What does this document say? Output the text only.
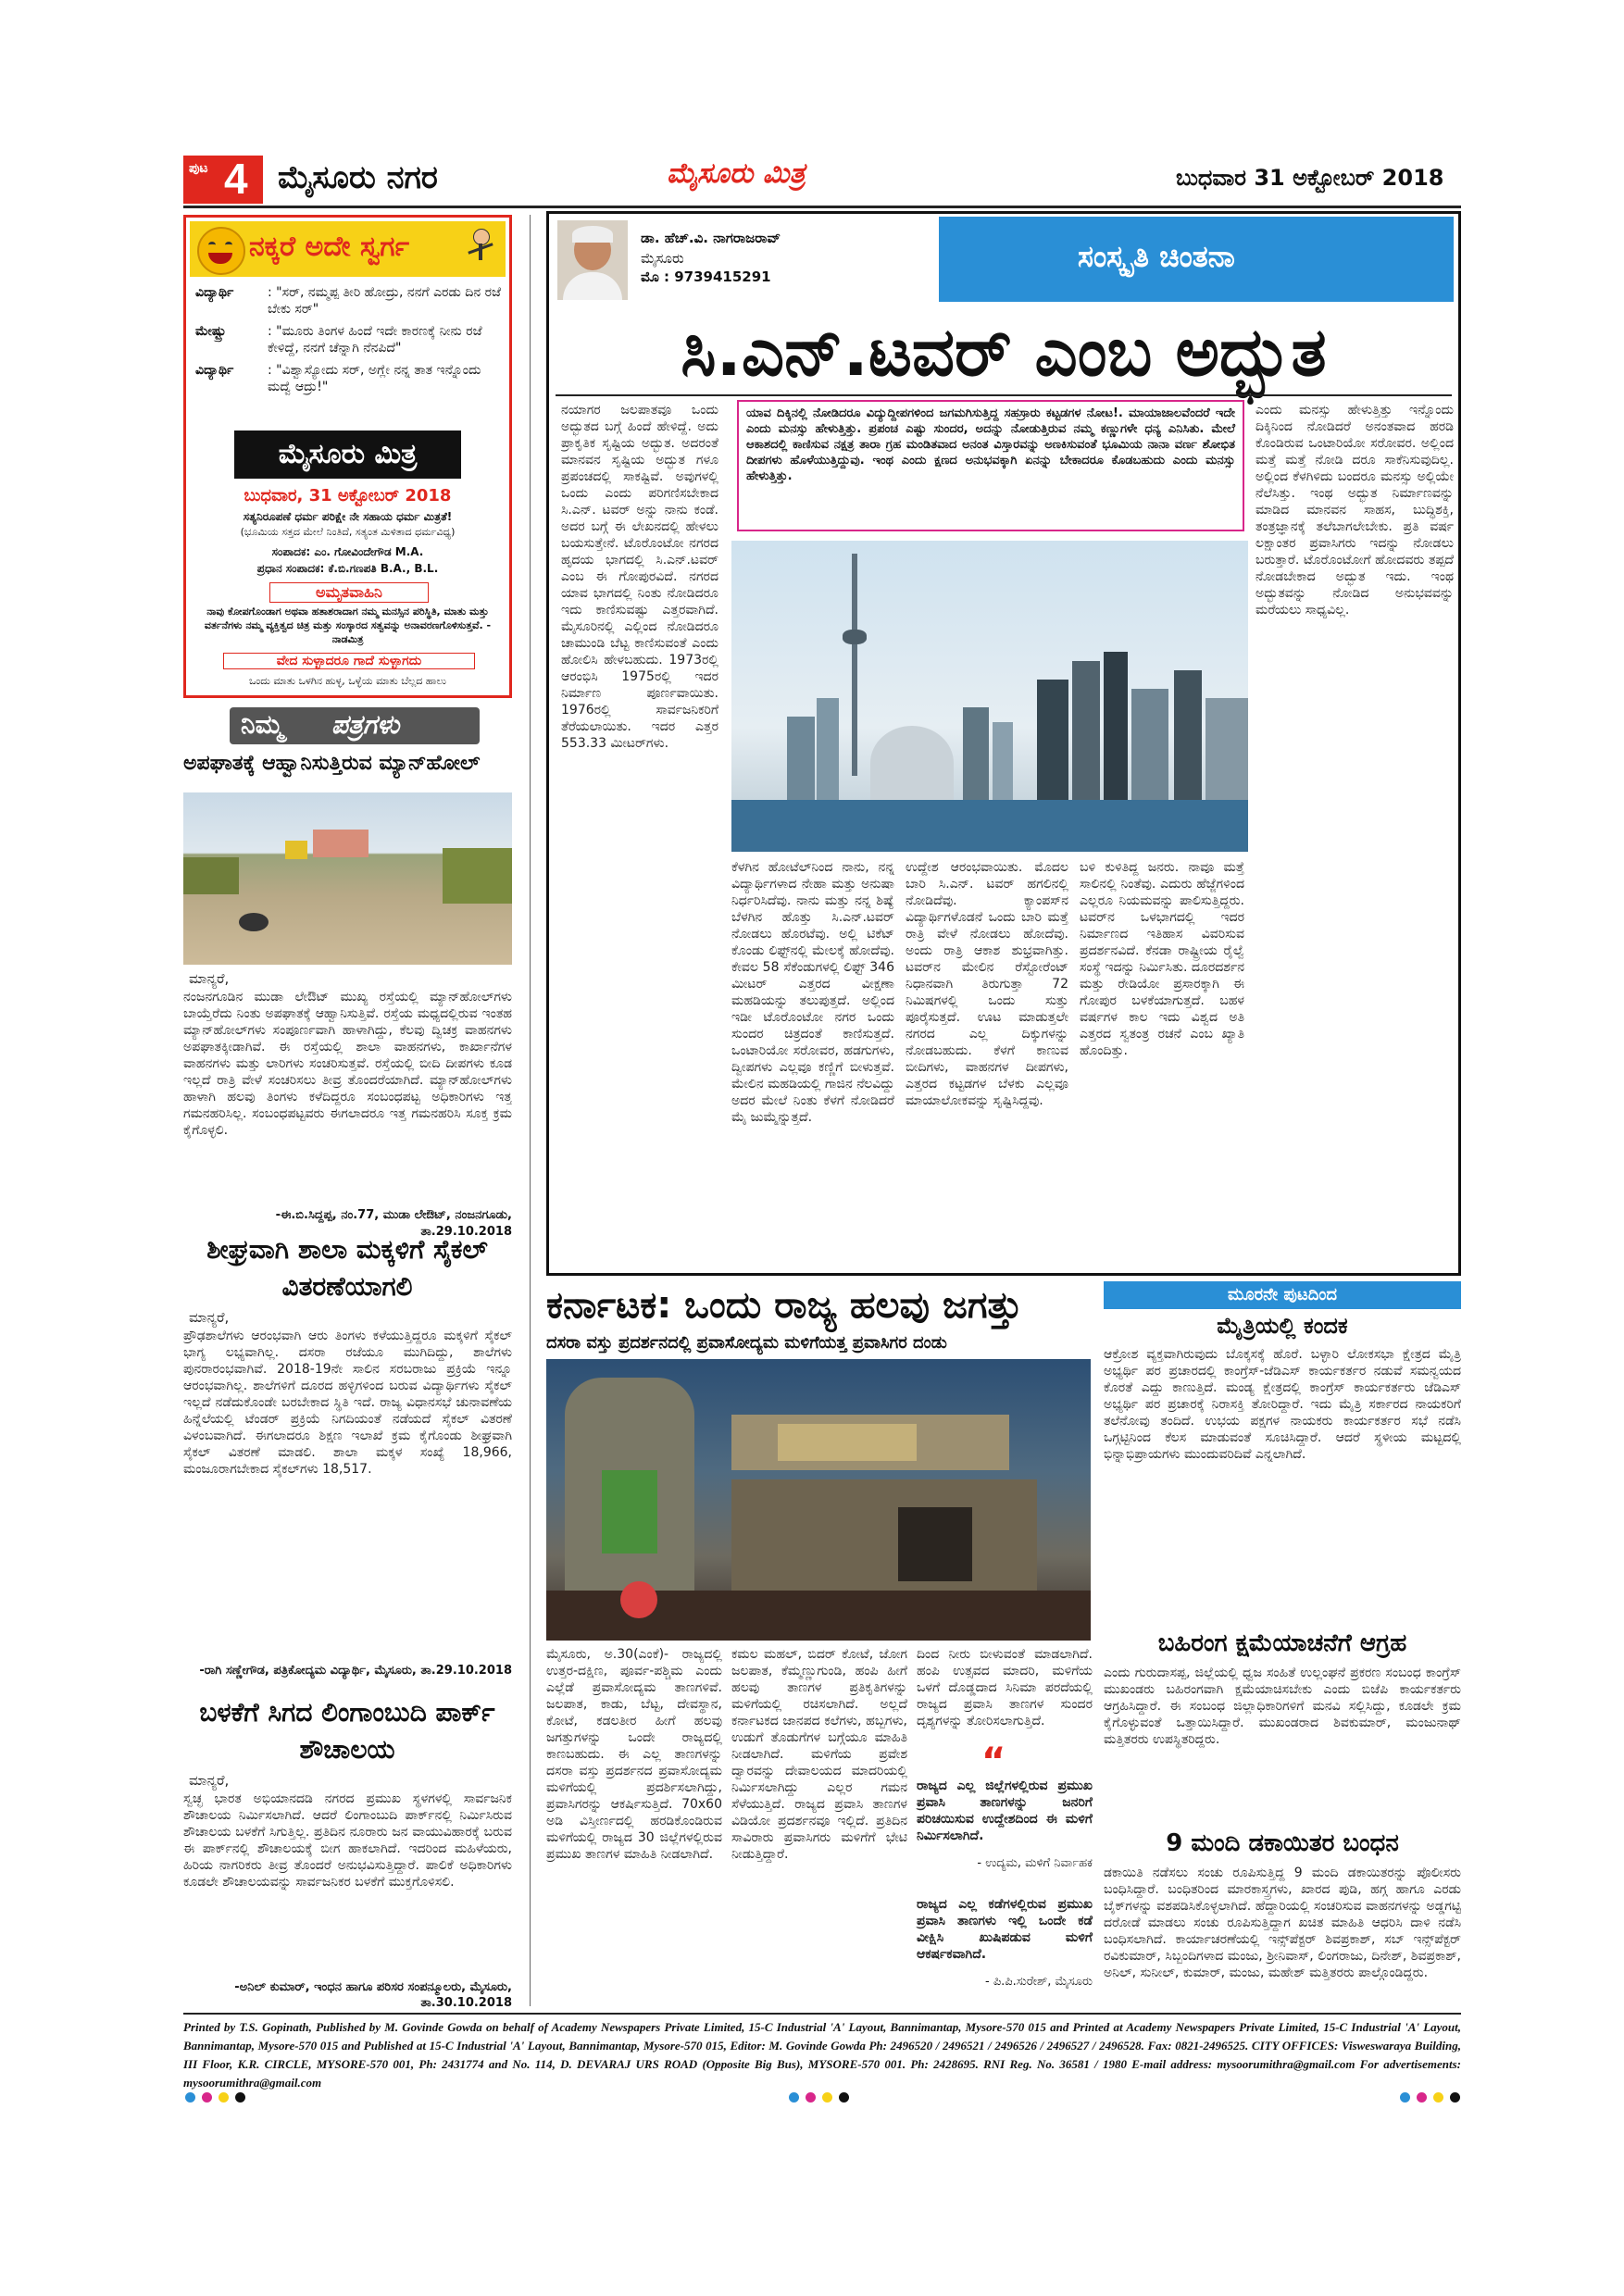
ಪುಟ 4 ಮೈಸೂರು ನಗರ	ಮೈಸೂರು ಮಿತ್ರ	ಬುಧವಾರ 31 ಅಕ್ಟೋಬರ್ 2018
ನಕ್ಕರೆ ಅದೇ ಸ್ವರ್ಗ
ವಿದ್ಯಾರ್ಥಿ	: "ಸರ್, ನಮ್ಮಪ್ಪ ತೀರಿ ಹೋದ್ರು, ನನಗೆ ಎರಡು ದಿನ ರಜೆ ಬೇಕು ಸರ್"
ಮೇಷ್ಟ್ರು	: "ಮೂರು ತಿಂಗಳ ಹಿಂದೆ ಇದೇ ಕಾರಣಕ್ಕೆ ನೀನು ರಜೆ ಕೇಳಿದ್ದೆ, ನನಗೆ ಚೆನ್ನಾಗಿ ನೆನಪಿದೆ"
ವಿದ್ಯಾರ್ಥಿ	: "ವಿಶ್ವಾಸ್ಯೋದು ಸರ್, ಅಗ್ಲೇ ನನ್ನ ತಾತ ಇನ್ನೊಂದು ಮದ್ವೆ ಆದ್ರು!"
ಮೈಸೂರು ಮಿತ್ರ
ಬುಧವಾರ, 31 ಅಕ್ಟೋಬರ್ 2018
ಸತ್ಯನಿರೂಪಣೆ ಧರ್ಮ ಪರಿಕ್ಷೇ ನೇ ಸಹಾಯ ಧರ್ಮ ಮಿತ್ರತೆ!
(ಭೂಮಿಯ ಸತ್ತದ ಮೇಲೆ ನಿಂತಿದೆ, ಸತ್ಯಂತ ಮಿಳಿತಾದ ಧರ್ಮವಿಧ್ಯ)
ಸಂಪಾದಕ: ಎಂ. ಗೋವಿಂದೇಗೌಡ M.A.
ಪ್ರಧಾನ ಸಂಪಾದಕ: ಕೆ.ಬಿ.ಗಣಪತಿ B.A., B.L.
ಅಮೃತವಾಹಿನಿ
ನಾವು ಕೋಪಗೊಂಡಾಗ ಅಥವಾ ಹತಾಶರಾದಾಗ ನಮ್ಮ ಮನಸ್ಸಿನ ಪರಿಸ್ಥಿತಿ, ಮಾತು ಮತ್ತು ವರ್ತನೆಗಳು ನಮ್ಮ ವ್ಯಕ್ತಿತ್ವದ ಚಿತ್ರ ಮತ್ತು ಸಂಸ್ಕಾರದ ಸತ್ವವನ್ನು ಅನಾವರಣಗೊಳಿಸುತ್ತವೆ. - ನಾಡಮಿತ್ರ
ವೇದ ಸುಳ್ಳಾದರೂ ಗಾದೆ ಸುಳ್ಳಾಗದು
ಒಂದು ಮಾತು ಒಳಗಿನ ಹುಳ್ಳ, ಒಳ್ಳೆಯ ಮಾತು ಬೆಲ್ಲದ ಹಾಲು
ನಿಮ್ಮ ಪತ್ರಗಳು
ಅಪಘಾತಕ್ಕೆ ಆಹ್ವಾನಿಸುತ್ತಿರುವ ಮ್ಯಾನ್‌ಹೋಲ್
ಮಾನ್ಯರೆ,
ನಂಜನಗೂಡಿನ ಮುಡಾ ಲೇಔಟ್ ಮುಖ್ಯ ರಸ್ತೆಯಲ್ಲಿ ಮ್ಯಾನ್‌ಹೋಲ್‌ಗಳು ಬಾಯ್ತೆರೆದು ನಿಂತು ಅಪಘಾತಕ್ಕೆ ಆಹ್ವಾನಿಸುತ್ತಿವೆ. ರಸ್ತೆಯ ಮಧ್ಯದಲ್ಲಿರುವ ಇಂತಹ ಮ್ಯಾನ್‌ಹೋಲ್‌ಗಳು ಸಂಪೂರ್ಣವಾಗಿ ಹಾಳಾಗಿದ್ದು, ಕೆಲವು ದ್ವಿಚಕ್ರ ವಾಹನಗಳು ಅಪಘಾತಕ್ಕೀಡಾಗಿವೆ. ಈ ರಸ್ತೆಯಲ್ಲಿ ಶಾಲಾ ವಾಹನಗಳು, ಕಾರ್ಖಾನೆಗಳ ವಾಹನಗಳು ಮತ್ತು ಲಾರಿಗಳು ಸಂಚರಿಸುತ್ತವೆ. ರಸ್ತೆಯಲ್ಲಿ ಬೀದಿ ದೀಪಗಳು ಕೂಡ ಇಲ್ಲದೆ ರಾತ್ರಿ ವೇಳೆ ಸಂಚರಿಸಲು ತೀವ್ರ ತೊಂದರೆಯಾಗಿದೆ. ಮ್ಯಾನ್‌ಹೋಲ್‌ಗಳು ಹಾಳಾಗಿ ಹಲವು ತಿಂಗಳು ಕಳೆದಿದ್ದರೂ ಸಂಬಂಧಪಟ್ಟ ಅಧಿಕಾರಿಗಳು ಇತ್ತ ಗಮನಹರಿಸಿಲ್ಲ. ಸಂಬಂಧಪಟ್ಟವರು ಈಗಲಾದರೂ ಇತ್ತ ಗಮನಹರಿಸಿ ಸೂಕ್ತ ಕ್ರಮ ಕೈಗೊಳ್ಳಲಿ.
-ಈ.ಬಿ.ಸಿದ್ದಪ್ಪ, ನಂ.77, ಮುಡಾ ಲೇಔಟ್, ನಂಜನಗೂಡು, ತಾ.29.10.2018
ಶೀಘ್ರವಾಗಿ ಶಾಲಾ ಮಕ್ಕಳಿಗೆ ಸೈಕಲ್ ವಿತರಣೆಯಾಗಲಿ
ಮಾನ್ಯರೆ,
ಪ್ರೌಢಶಾಲೆಗಳು ಆರಂಭವಾಗಿ ಆರು ತಿಂಗಳು ಕಳೆಯುತ್ತಿದ್ದರೂ ಮಕ್ಕಳಿಗೆ ಸೈಕಲ್ ಭಾಗ್ಯ ಲಭ್ಯವಾಗಿಲ್ಲ. ದಸರಾ ರಜೆಯೂ ಮುಗಿದಿದ್ದು, ಶಾಲೆಗಳು ಪುನರಾರಂಭವಾಗಿವೆ. 2018-19ನೇ ಸಾಲಿನ ಸರಬರಾಜು ಪ್ರಕ್ರಿಯೆ ಇನ್ನೂ ಆರಂಭವಾಗಿಲ್ಲ. ಶಾಲೆಗಳಿಗೆ ದೂರದ ಹಳ್ಳಿಗಳಿಂದ ಬರುವ ವಿದ್ಯಾರ್ಥಿಗಳು ಸೈಕಲ್ ಇಲ್ಲದೆ ನಡೆದುಕೊಂಡೇ ಬರಬೇಕಾದ ಸ್ಥಿತಿ ಇದೆ. ರಾಜ್ಯ ವಿಧಾನಸಭೆ ಚುನಾವಣೆಯ ಹಿನ್ನೆಲೆಯಲ್ಲಿ ಟೆಂಡರ್ ಪ್ರಕ್ರಿಯೆ ನಿಗದಿಯಂತೆ ನಡೆಯದೆ ಸೈಕಲ್ ವಿತರಣೆ ವಿಳಂಬವಾಗಿದೆ. ಈಗಲಾದರೂ ಶಿಕ್ಷಣ ಇಲಾಖೆ ಕ್ರಮ ಕೈಗೊಂಡು ಶೀಘ್ರವಾಗಿ ಸೈಕಲ್ ವಿತರಣೆ ಮಾಡಲಿ. ಶಾಲಾ ಮಕ್ಕಳ ಸಂಖ್ಯೆ 18,966, ಮಂಜೂರಾಗಬೇಕಾದ ಸೈಕಲ್‌ಗಳು 18,517.
-ರಾಗಿ ಸಣ್ಣೇಗೌಡ, ಪತ್ರಿಕೋದ್ಯಮ ವಿದ್ಯಾರ್ಥಿ, ಮೈಸೂರು, ತಾ.29.10.2018
ಬಳಕೆಗೆ ಸಿಗದ ಲಿಂಗಾಂಬುದಿ ಪಾರ್ಕ್ ಶೌಚಾಲಯ
ಮಾನ್ಯರೆ,
ಸ್ವಚ್ಛ ಭಾರತ ಅಭಿಯಾನದಡಿ ನಗರದ ಪ್ರಮುಖ ಸ್ಥಳಗಳಲ್ಲಿ ಸಾರ್ವಜನಿಕ ಶೌಚಾಲಯ ನಿರ್ಮಿಸಲಾಗಿದೆ. ಆದರೆ ಲಿಂಗಾಂಬುದಿ ಪಾರ್ಕ್‌ನಲ್ಲಿ ನಿರ್ಮಿಸಿರುವ ಶೌಚಾಲಯ ಬಳಕೆಗೆ ಸಿಗುತ್ತಿಲ್ಲ. ಪ್ರತಿದಿನ ನೂರಾರು ಜನ ವಾಯುವಿಹಾರಕ್ಕೆ ಬರುವ ಈ ಪಾರ್ಕ್‌ನಲ್ಲಿ ಶೌಚಾಲಯಕ್ಕೆ ಬೀಗ ಹಾಕಲಾಗಿದೆ. ಇದರಿಂದ ಮಹಿಳೆಯರು, ಹಿರಿಯ ನಾಗರಿಕರು ತೀವ್ರ ತೊಂದರೆ ಅನುಭವಿಸುತ್ತಿದ್ದಾರೆ. ಪಾಲಿಕೆ ಅಧಿಕಾರಿಗಳು ಕೂಡಲೇ ಶೌಚಾಲಯವನ್ನು ಸಾರ್ವಜನಿಕರ ಬಳಕೆಗೆ ಮುಕ್ತಗೊಳಿಸಲಿ.
-ಅನಿಲ್ ಕುಮಾರ್, ಇಂಧನ ಹಾಗೂ ಪರಿಸರ ಸಂಪನ್ಮೂಲರು, ಮೈಸೂರು, ತಾ.30.10.2018
ಡಾ. ಹೆಚ್.ವಿ. ನಾಗರಾಜರಾವ್
ಮೈಸೂರು
ಮೊ : 9739415291
ಸಂಸ್ಕೃತಿ ಚಿಂತನಾ
ಸಿ.ಎನ್.ಟವರ್ ಎಂಬ ಅದ್ಭುತ
ನಯಾಗರ ಜಲಪಾತವೂ ಒಂದು ಅದ್ಭುತದ ಬಗ್ಗೆ ಹಿಂದೆ ಹೇಳಿದ್ದೆ. ಅದು ಪ್ರಾಕೃತಿಕ ಸೃಷ್ಟಿಯ ಅದ್ಭುತ. ಅದರಂತೆ ಮಾನವನ ಸೃಷ್ಟಿಯ ಅದ್ಭುತ ಗಳೂ ಪ್ರಪಂಚದಲ್ಲಿ ಸಾಕಷ್ಟಿವೆ. ಅವುಗಳಲ್ಲಿ ಒಂದು ಎಂದು ಪರಿಗಣಿಸಬೇಕಾದ ಸಿ.ಎನ್. ಟವರ್ ಅನ್ನು ನಾನು ಕಂಡೆ. ಅದರ ಬಗ್ಗೆ ಈ ಲೇಖನದಲ್ಲಿ ಹೇಳಲು ಬಯಸುತ್ತೇನೆ. ಟೊರೊಂಟೋ ನಗರದ ಹೃದಯ ಭಾಗದಲ್ಲಿ ಸಿ.ಎನ್.ಟವರ್ ಎಂಬ ಈ ಗೋಪುರವಿದೆ. ನಗರದ ಯಾವ ಭಾಗದಲ್ಲಿ ನಿಂತು ನೋಡಿದರೂ ಇದು ಕಾಣಿಸುವಷ್ಟು ಎತ್ತರವಾಗಿದೆ. ಮೈಸೂರಿನಲ್ಲಿ ಎಲ್ಲಿಂದ ನೋಡಿದರೂ ಚಾಮುಂಡಿ ಬೆಟ್ಟ ಕಾಣಿಸುವಂತೆ ಎಂದು ಹೋಲಿಸಿ ಹೇಳಬಹುದು. 1973ರಲ್ಲಿ ಆರಂಭಿಸಿ 1975ರಲ್ಲಿ ಇದರ ನಿರ್ಮಾಣ ಪೂರ್ಣವಾಯಿತು. 1976ರಲ್ಲಿ ಸಾರ್ವಜನಿಕರಿಗೆ ತೆರೆಯಲಾಯಿತು. ಇದರ ಎತ್ತರ 553.33 ಮೀಟರ್‌ಗಳು.
ಯಾವ ದಿಕ್ಕಿನಲ್ಲಿ ನೋಡಿದರೂ ವಿದ್ಯುದ್ದೀಪಗಳಿಂದ ಜಗಮಗಿಸುತ್ತಿದ್ದ ಸಹಸ್ರಾರು ಕಟ್ಟಡಗಳ ನೋಟ!. ಮಾಯಾಜಾಲವೆಂದರೆ ಇದೇ ಎಂದು ಮನಸ್ಸು ಹೇಳುತ್ತಿತ್ತು. ಪ್ರಪಂಚ ಎಷ್ಟು ಸುಂದರ, ಅದನ್ನು ನೋಡುತ್ತಿರುವ ನಮ್ಮ ಕಣ್ಣುಗಳೇ ಧನ್ಯ ಎನಿಸಿತು. ಮೇಲೆ ಆಕಾಶದಲ್ಲಿ ಕಾಣಿಸುವ ನಕ್ಷತ್ರ ತಾರಾ ಗ್ರಹ ಮಂಡಿತವಾದ ಅನಂತ ವಿಸ್ತಾರವನ್ನು ಅಣಕಿಸುವಂತೆ ಭೂಮಿಯ ನಾನಾ ವರ್ಣ ಶೋಭಿತ ದೀಪಗಳು ಹೊಳೆಯುತ್ತಿದ್ದುವು. ಇಂಥ ಎಂದು ಕ್ಷಣದ ಅನುಭವಕ್ಕಾಗಿ ಏನನ್ನು ಬೇಕಾದರೂ ಕೊಡಬಹುದು ಎಂದು ಮನಸ್ಸು ಹೇಳುತ್ತಿತ್ತು.
ಕೆಳಗಿನ ಹೋಟೆಲ್‌ನಿಂದ ನಾನು, ನನ್ನ ವಿದ್ಯಾರ್ಥಿಗಳಾದ ನೇಹಾ ಮತ್ತು ಅನುಷಾ ನಿರ್ಧರಿಸಿದೆವು. ನಾನು ಮತ್ತು ನನ್ನ ಶಿಷ್ಯೆ ಬೆಳಗಿನ ಹೊತ್ತು ಸಿ.ಎನ್.ಟವರ್ ನೋಡಲು ಹೊರಟೆವು. ಅಲ್ಲಿ ಟಿಕೆಟ್ ಕೊಂಡು ಲಿಫ್ಟ್‌ನಲ್ಲಿ ಮೇಲಕ್ಕೆ ಹೋದೆವು. ಕೇವಲ 58 ಸೆಕೆಂಡುಗಳಲ್ಲಿ ಲಿಫ್ಟ್ 346 ಮೀಟರ್ ಎತ್ತರದ ವೀಕ್ಷಣಾ ಮಹಡಿಯನ್ನು ತಲುಪುತ್ತದೆ. ಅಲ್ಲಿಂದ ಇಡೀ ಟೊರೊಂಟೋ ನಗರ ಒಂದು ಸುಂದರ ಚಿತ್ರದಂತೆ ಕಾಣಿಸುತ್ತದೆ. ಒಂಟಾರಿಯೋ ಸರೋವರ, ಹಡಗುಗಳು, ದ್ವೀಪಗಳು ಎಲ್ಲವೂ ಕಣ್ಣಿಗೆ ಬೀಳುತ್ತವೆ. ಮೇಲಿನ ಮಹಡಿಯಲ್ಲಿ ಗಾಜಿನ ನೆಲವಿದ್ದು ಅದರ ಮೇಲೆ ನಿಂತು ಕೆಳಗೆ ನೋಡಿದರೆ ಮೈ ಜುಮ್ಮೆನ್ನುತ್ತದೆ.
ಉದ್ದೇಶ ಆರಂಭವಾಯಿತು. ಮೊದಲ ಬಾರಿ ಸಿ.ಎನ್. ಟವರ್ ಹಗಲಿನಲ್ಲಿ ನೋಡಿದೆವು. ಕ್ಯಾಂಪಸ್‌ನ ವಿದ್ಯಾರ್ಥಿಗಳೊಡನೆ ಒಂದು ಬಾರಿ ಮತ್ತೆ ರಾತ್ರಿ ವೇಳೆ ನೋಡಲು ಹೋದೆವು. ಅಂದು ರಾತ್ರಿ ಆಕಾಶ ಶುಭ್ರವಾಗಿತ್ತು. ಟವರ್‌ನ ಮೇಲಿನ ರೆಸ್ಟೋರೆಂಟ್ ನಿಧಾನವಾಗಿ ತಿರುಗುತ್ತಾ 72 ನಿಮಿಷಗಳಲ್ಲಿ ಒಂದು ಸುತ್ತು ಪೂರೈಸುತ್ತದೆ. ಊಟ ಮಾಡುತ್ತಲೇ ನಗರದ ಎಲ್ಲ ದಿಕ್ಕುಗಳನ್ನು ನೋಡಬಹುದು. ಕೆಳಗೆ ಕಾಣುವ ಬೀದಿಗಳು, ವಾಹನಗಳ ದೀಪಗಳು, ಎತ್ತರದ ಕಟ್ಟಡಗಳ ಬೆಳಕು ಎಲ್ಲವೂ ಮಾಯಾಲೋಕವನ್ನು ಸೃಷ್ಟಿಸಿದ್ದವು.
ಬಳಿ ಕುಳಿತಿದ್ದ ಜನರು. ನಾವೂ ಮತ್ತೆ ಸಾಲಿನಲ್ಲಿ ನಿಂತೆವು. ಎದುರು ಹೆಜ್ಜೆಗಳಿಂದ ಎಲ್ಲರೂ ನಿಯಮವನ್ನು ಪಾಲಿಸುತ್ತಿದ್ದರು. ಟವರ್‌ನ ಒಳಭಾಗದಲ್ಲಿ ಇದರ ನಿರ್ಮಾಣದ ಇತಿಹಾಸ ವಿವರಿಸುವ ಪ್ರದರ್ಶನವಿದೆ. ಕೆನಡಾ ರಾಷ್ಟ್ರೀಯ ರೈಲ್ವೆ ಸಂಸ್ಥೆ ಇದನ್ನು ನಿರ್ಮಿಸಿತು. ದೂರದರ್ಶನ ಮತ್ತು ರೇಡಿಯೋ ಪ್ರಸಾರಕ್ಕಾಗಿ ಈ ಗೋಪುರ ಬಳಕೆಯಾಗುತ್ತದೆ. ಬಹಳ ವರ್ಷಗಳ ಕಾಲ ಇದು ವಿಶ್ವದ ಅತಿ ಎತ್ತರದ ಸ್ವತಂತ್ರ ರಚನೆ ಎಂಬ ಖ್ಯಾತಿ ಹೊಂದಿತ್ತು.
ಎಂದು ಮನಸ್ಸು ಹೇಳುತ್ತಿತ್ತು ಇನ್ನೊಂದು ದಿಕ್ಕಿನಿಂದ ನೋಡಿದರೆ ಅನಂತವಾದ ಹರಡಿ ಕೊಂಡಿರುವ ಒಂಟಾರಿಯೋ ಸರೋವರ. ಅಲ್ಲಿಂದ ಮತ್ತೆ ಮತ್ತೆ ನೋಡಿ ದರೂ ಸಾಕೆನಿಸುವುದಿಲ್ಲ. ಅಲ್ಲಿಂದ ಕೆಳಗಿಳಿದು ಬಂದರೂ ಮನಸ್ಸು ಅಲ್ಲಿಯೇ ನೆಲೆಸಿತ್ತು. ಇಂಥ ಅದ್ಭುತ ನಿರ್ಮಾಣವನ್ನು ಮಾಡಿದ ಮಾನವನ ಸಾಹಸ, ಬುದ್ಧಿಶಕ್ತಿ, ತಂತ್ರಜ್ಞಾನಕ್ಕೆ ತಲೆಬಾಗಲೇಬೇಕು. ಪ್ರತಿ ವರ್ಷ ಲಕ್ಷಾಂತರ ಪ್ರವಾಸಿಗರು ಇದನ್ನು ನೋಡಲು ಬರುತ್ತಾರೆ. ಟೊರೊಂಟೋಗೆ ಹೋದವರು ತಪ್ಪದೆ ನೋಡಬೇಕಾದ ಅದ್ಭುತ ಇದು. ಇಂಥ ಅದ್ಭುತವನ್ನು ನೋಡಿದ ಅನುಭವವನ್ನು ಮರೆಯಲು ಸಾಧ್ಯವಿಲ್ಲ.
ಕರ್ನಾಟಕ: ಒಂದು ರಾಜ್ಯ ಹಲವು ಜಗತ್ತು
ದಸರಾ ವಸ್ತು ಪ್ರದರ್ಶನದಲ್ಲಿ ಪ್ರವಾಸೋದ್ಯಮ ಮಳಿಗೆಯತ್ತ ಪ್ರವಾಸಿಗರ ದಂಡು
ಮೈಸೂರು, ಅ.30(ಎಂಕೆ)- ರಾಜ್ಯದಲ್ಲಿ ಉತ್ತರ-ದಕ್ಷಿಣ, ಪೂರ್ವ-ಪಶ್ಚಿಮ ಎಂದು ಎಲ್ಲೆಡೆ ಪ್ರವಾಸೋದ್ಯಮ ತಾಣಗಳಿವೆ. ಜಲಪಾತ, ಕಾಡು, ಬೆಟ್ಟ, ದೇವಸ್ಥಾನ, ಕೋಟೆ, ಕಡಲತೀರ ಹೀಗೆ ಹಲವು ಜಗತ್ತುಗಳನ್ನು ಒಂದೇ ರಾಜ್ಯದಲ್ಲಿ ಕಾಣಬಹುದು. ಈ ಎಲ್ಲ ತಾಣಗಳನ್ನು ದಸರಾ ವಸ್ತು ಪ್ರದರ್ಶನದ ಪ್ರವಾಸೋದ್ಯಮ ಮಳಿಗೆಯಲ್ಲಿ ಪ್ರದರ್ಶಿಸಲಾಗಿದ್ದು, ಪ್ರವಾಸಿಗರನ್ನು ಆಕರ್ಷಿಸುತ್ತಿದೆ. 70x60 ಅಡಿ ವಿಸ್ತೀರ್ಣದಲ್ಲಿ ಹರಡಿಕೊಂಡಿರುವ ಮಳಿಗೆಯಲ್ಲಿ ರಾಜ್ಯದ 30 ಜಿಲ್ಲೆಗಳಲ್ಲಿರುವ ಪ್ರಮುಖ ತಾಣಗಳ ಮಾಹಿತಿ ನೀಡಲಾಗಿದೆ.
ಕಮಲ ಮಹಲ್, ಬಿದರ್ ಕೋಟೆ, ಜೋಗ ಜಲಪಾತ, ಕೆಮ್ಮಣ್ಣುಗುಂಡಿ, ಹಂಪಿ ಹೀಗೆ ಹಲವು ತಾಣಗಳ ಪ್ರತಿಕೃತಿಗಳನ್ನು ಮಳಿಗೆಯಲ್ಲಿ ರಚಿಸಲಾಗಿದೆ. ಅಲ್ಲದೆ ಕರ್ನಾಟಕದ ಜಾನಪದ ಕಲೆಗಳು, ಹಬ್ಬಗಳು, ಉಡುಗೆ ತೊಡುಗೆಗಳ ಬಗ್ಗೆಯೂ ಮಾಹಿತಿ ನೀಡಲಾಗಿದೆ. ಮಳಿಗೆಯ ಪ್ರವೇಶ ದ್ವಾರವನ್ನು ದೇವಾಲಯದ ಮಾದರಿಯಲ್ಲಿ ನಿರ್ಮಿಸಲಾಗಿದ್ದು ಎಲ್ಲರ ಗಮನ ಸೆಳೆಯುತ್ತಿದೆ. ರಾಜ್ಯದ ಪ್ರವಾಸಿ ತಾಣಗಳ ವಿಡಿಯೋ ಪ್ರದರ್ಶನವೂ ಇಲ್ಲಿದೆ. ಪ್ರತಿದಿನ ಸಾವಿರಾರು ಪ್ರವಾಸಿಗರು ಮಳಿಗೆಗೆ ಭೇಟಿ ನೀಡುತ್ತಿದ್ದಾರೆ.
ದಿಂದ ನೀರು ಬೀಳುವಂತೆ ಮಾಡಲಾಗಿದೆ. ಹಂಪಿ ಉತ್ಸವದ ಮಾದರಿ, ಮಳಿಗೆಯ ಒಳಗೆ ದೊಡ್ಡದಾದ ಸಿನಿಮಾ ಪರದೆಯಲ್ಲಿ ರಾಜ್ಯದ ಪ್ರವಾಸಿ ತಾಣಗಳ ಸುಂದರ ದೃಶ್ಯಗಳನ್ನು ತೋರಿಸಲಾಗುತ್ತಿದೆ.
“
ರಾಜ್ಯದ ಎಲ್ಲ ಜಿಲ್ಲೆಗಳಲ್ಲಿರುವ ಪ್ರಮುಖ ಪ್ರವಾಸಿ ತಾಣಗಳನ್ನು ಜನರಿಗೆ ಪರಿಚಯಿಸುವ ಉದ್ದೇಶದಿಂದ ಈ ಮಳಿಗೆ ನಿರ್ಮಿಸಲಾಗಿದೆ.
- ಉದ್ಯಮ, ಮಳಿಗೆ ನಿರ್ವಾಹಕ
ರಾಜ್ಯದ ಎಲ್ಲ ಕಡೆಗಳಲ್ಲಿರುವ ಪ್ರಮುಖ ಪ್ರವಾಸಿ ತಾಣಗಳು ಇಲ್ಲಿ ಒಂದೇ ಕಡೆ ವೀಕ್ಷಿಸಿ ಖುಷಿಪಡುವ ಮಳಿಗೆ ಆಕರ್ಷಕವಾಗಿದೆ.
- ಪಿ.ಪಿ.ಸುರೇಶ್, ಮೈಸೂರು
ಮೂರನೇ ಪುಟದಿಂದ
ಮೈತ್ರಿಯಲ್ಲಿ ಕಂದಕ
ಆಕ್ರೋಶ ವ್ಯಕ್ತವಾಗಿರುವುದು ಬೊಕ್ಕಸಕ್ಕೆ ಹೊರೆ. ಬಳ್ಳಾರಿ ಲೋಕಸಭಾ ಕ್ಷೇತ್ರದ ಮೈತ್ರಿ ಅಭ್ಯರ್ಥಿ ಪರ ಪ್ರಚಾರದಲ್ಲಿ ಕಾಂಗ್ರೆಸ್-ಜೆಡಿಎಸ್ ಕಾರ್ಯಕರ್ತರ ನಡುವೆ ಸಮನ್ವಯದ ಕೊರತೆ ಎದ್ದು ಕಾಣುತ್ತಿದೆ. ಮಂಡ್ಯ ಕ್ಷೇತ್ರದಲ್ಲಿ ಕಾಂಗ್ರೆಸ್ ಕಾರ್ಯಕರ್ತರು ಜೆಡಿಎಸ್ ಅಭ್ಯರ್ಥಿ ಪರ ಪ್ರಚಾರಕ್ಕೆ ನಿರಾಸಕ್ತಿ ತೋರಿದ್ದಾರೆ. ಇದು ಮೈತ್ರಿ ಸರ್ಕಾರದ ನಾಯಕರಿಗೆ ತಲೆನೋವು ತಂದಿದೆ. ಉಭಯ ಪಕ್ಷಗಳ ನಾಯಕರು ಕಾರ್ಯಕರ್ತರ ಸಭೆ ನಡೆಸಿ ಒಗ್ಗಟ್ಟಿನಿಂದ ಕೆಲಸ ಮಾಡುವಂತೆ ಸೂಚಿಸಿದ್ದಾರೆ. ಆದರೆ ಸ್ಥಳೀಯ ಮಟ್ಟದಲ್ಲಿ ಭಿನ್ನಾಭಿಪ್ರಾಯಗಳು ಮುಂದುವರಿದಿವೆ ಎನ್ನಲಾಗಿದೆ.
ಬಹಿರಂಗ ಕ್ಷಮೆಯಾಚನೆಗೆ ಆಗ್ರಹ
ಎಂದು ಗುರುದಾಸಪ್ಪ, ಜಿಲ್ಲೆಯಲ್ಲಿ ಧ್ವಜ ಸಂಹಿತೆ ಉಲ್ಲಂಘನೆ ಪ್ರಕರಣ ಸಂಬಂಧ ಕಾಂಗ್ರೆಸ್ ಮುಖಂಡರು ಬಹಿರಂಗವಾಗಿ ಕ್ಷಮೆಯಾಚಿಸಬೇಕು ಎಂದು ಬಿಜೆಪಿ ಕಾರ್ಯಕರ್ತರು ಆಗ್ರಹಿಸಿದ್ದಾರೆ. ಈ ಸಂಬಂಧ ಜಿಲ್ಲಾಧಿಕಾರಿಗಳಿಗೆ ಮನವಿ ಸಲ್ಲಿಸಿದ್ದು, ಕೂಡಲೇ ಕ್ರಮ ಕೈಗೊಳ್ಳುವಂತೆ ಒತ್ತಾಯಿಸಿದ್ದಾರೆ. ಮುಖಂಡರಾದ ಶಿವಕುಮಾರ್, ಮಂಜುನಾಥ್ ಮತ್ತಿತರರು ಉಪಸ್ಥಿತರಿದ್ದರು.
9 ಮಂದಿ ಡಕಾಯಿತರ ಬಂಧನ
ಡಕಾಯಿತಿ ನಡೆಸಲು ಸಂಚು ರೂಪಿಸುತ್ತಿದ್ದ 9 ಮಂದಿ ಡಕಾಯಿತರನ್ನು ಪೊಲೀಸರು ಬಂಧಿಸಿದ್ದಾರೆ. ಬಂಧಿತರಿಂದ ಮಾರಕಾಸ್ತ್ರಗಳು, ಖಾರದ ಪುಡಿ, ಹಗ್ಗ ಹಾಗೂ ಎರಡು ಬೈಕ್‌ಗಳನ್ನು ವಶಪಡಿಸಿಕೊಳ್ಳಲಾಗಿದೆ. ಹೆದ್ದಾರಿಯಲ್ಲಿ ಸಂಚರಿಸುವ ವಾಹನಗಳನ್ನು ಅಡ್ಡಗಟ್ಟಿ ದರೋಡೆ ಮಾಡಲು ಸಂಚು ರೂಪಿಸುತ್ತಿದ್ದಾಗ ಖಚಿತ ಮಾಹಿತಿ ಆಧರಿಸಿ ದಾಳಿ ನಡೆಸಿ ಬಂಧಿಸಲಾಗಿದೆ. ಕಾರ್ಯಾಚರಣೆಯಲ್ಲಿ ಇನ್ಸ್‌ಪೆಕ್ಟರ್ ಶಿವಪ್ರಕಾಶ್, ಸಬ್ ಇನ್ಸ್‌ಪೆಕ್ಟರ್ ರವಿಕುಮಾರ್, ಸಿಬ್ಬಂದಿಗಳಾದ ಮಂಜು, ಶ್ರೀನಿವಾಸ್, ಲಿಂಗರಾಜು, ದಿನೇಶ್, ಶಿವಪ್ರಕಾಶ್, ಅನಿಲ್, ಸುನೀಲ್, ಕುಮಾರ್, ಮಂಜು, ಮಹೇಶ್ ಮತ್ತಿತರರು ಪಾಲ್ಗೊಂಡಿದ್ದರು.
Printed by T.S. Gopinath, Published by M. Govinde Gowda on behalf of Academy Newspapers Private Limited, 15-C Industrial 'A' Layout, Bannimantap, Mysore-570 015 and Printed at Academy Newspapers Private Limited, 15-C Industrial 'A' Layout, Bannimantap, Mysore-570 015 and Published at 15-C Industrial 'A' Layout, Bannimantap, Mysore-570 015, Editor: M. Govinde Gowda Ph: 2496520 / 2496521 / 2496526 / 2496527 / 2496528. Fax: 0821-2496525. CITY OFFICES: Visweswaraya Building, III Floor, K.R. CIRCLE, MYSORE-570 001, Ph: 2431774 and No. 114, D. DEVARAJ URS ROAD (Opposite Big Bus), MYSORE-570 001. Ph: 2428695. RNI Reg. No. 36581 / 1980 E-mail address: mysoorumithra@gmail.com For advertisements: mysoorumithra@gmail.com
